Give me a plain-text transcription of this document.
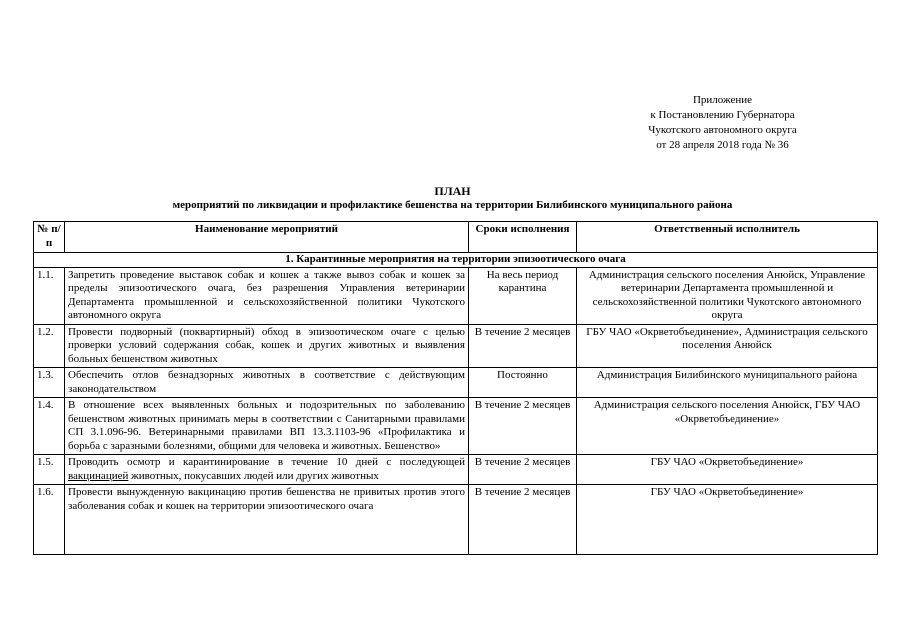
Приложение
к Постановлению Губернатора
Чукотского автономного округа
от 28 апреля 2018 года № 36
ПЛАН
мероприятий по ликвидации и профилактике бешенства на территории Билибинского муниципального района
№ п/п	Наименование мероприятий	Сроки исполнения	Ответственный исполнитель
1. Карантинные мероприятия на территории эпизоотического очага			
1.1.	Запретить проведение выставок собак и кошек а также вывоз собак и кошек за пределы эпизоотического очага, без разрешения Управления ветеринарии Департамента промышленной и сельскохозяйственной политики Чукотского автономного округа	На весь период карантина	Администрация сельского поселения Анюйск, Управление ветеринарии Департамента промышленной и сельскохозяйственной политики Чукотского автономного округа
1.2.	Провести подворный (поквартирный) обход в эпизоотическом очаге с целью проверки условий содержания собак, кошек и других животных и выявления больных бешенством животных	В течение 2 месяцев	ГБУ ЧАО «Окрветобъединение», Администрация сельского поселения Анюйск
1.3.	Обеспечить отлов безнадзорных животных в соответствие с действующим законодательством	Постоянно	Администрация Билибинского муниципального района
1.4.	В отношение всех выявленных больных и подозрительных по заболеванию бешенством животных принимать меры в соответствии с Санитарными правилами СП 3.1.096-96. Ветеринарными правилами ВП 13.3.1103-96 «Профилактика и борьба с заразными болезнями, общими для человека и животных. Бешенство»	В течение 2 месяцев	Администрация сельского поселения Анюйск, ГБУ ЧАО «Окрветобъединение»
1.5.	Проводить осмотр и карантинирование в течение 10 дней с последующей вакцинацией животных, покусавших людей или других животных	В течение 2 месяцев	ГБУ ЧАО «Окрветобъединение»
1.6.	Провести вынужденную вакцинацию против бешенства не привитых против этого заболевания собак и кошек на территории эпизоотического очага	В течение 2 месяцев	ГБУ ЧАО «Окрветобъединение»
